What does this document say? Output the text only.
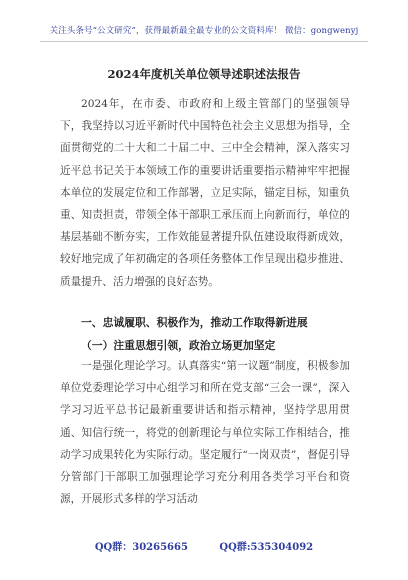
关注头条号“公文研究”，获得最新最全最专业的公文资料库！ 微信：gongwenyj
2024年度机关单位领导述职述法报告
2024年，在市委、市政府和上级主管部门的坚强领导下，我坚持以习近平新时代中国特色社会主义思想为指导，全面贯彻党的二十大和二十届二中、三中全会精神，深入落实习近平总书记关于本领域工作的重要讲话重要指示精神牢牢把握本单位的发展定位和工作部署，立足实际，锚定目标，知重负重、知责担责，带领全体干部职工承压而上向新而行，单位的基层基础不断夯实，工作效能显著提升队伍建设取得新成效，较好地完成了年初确定的各项任务整体工作呈现出稳步推进、质量提升、活力增强的良好态势。
一、忠诚履职、积极作为，推动工作取得新进展
（一）注重思想引领，政治立场更加坚定
一是强化理论学习。认真落实“第一议题”制度，积极参加单位党委理论学习中心组学习和所在党支部“三会一课”，深入学习习近平总书记最新重要讲话和指示精神，坚持学思用贯通、知信行统一，将党的创新理论与单位实际工作相结合，推动学习成果转化为实际行动。坚定履行“一岗双责”，督促引导分管部门干部职工加强理论学习充分利用各类学习平台和资源，开展形式多样的学习活动
QQ群：30265665	QQ群:535304092
